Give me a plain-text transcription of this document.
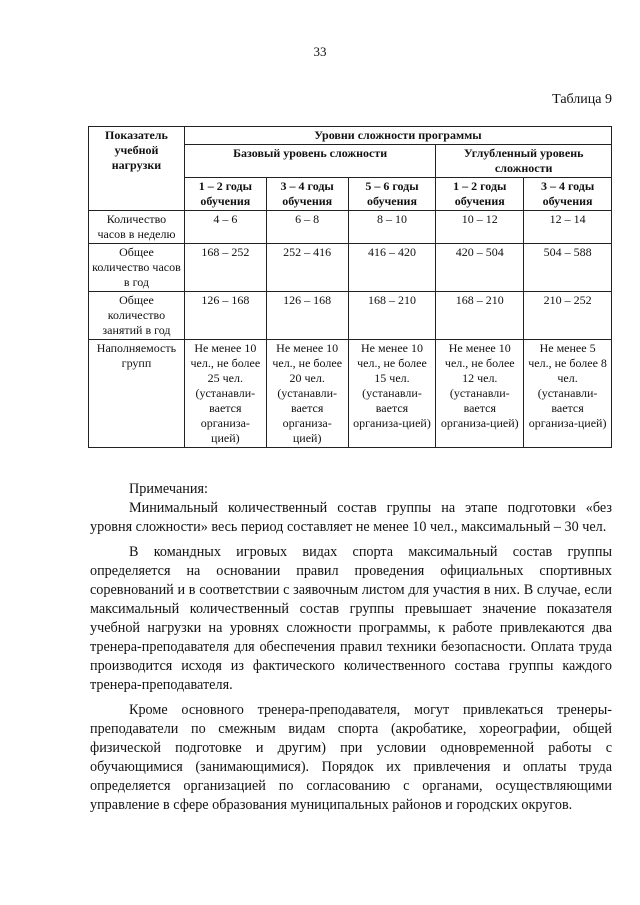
33
Таблица 9
Показатель учебной нагрузки	Уровни сложности программы				
	Базовый уровень сложности			Углубленный уровень сложности	
	1 – 2 годы обучения	3 – 4 годы обучения	5 – 6 годы обучения	1 – 2 годы обучения	3 – 4 годы обучения
Количество часов в неделю	4 – 6	6 – 8	8 – 10	10 – 12	12 – 14
Общее количество часов в год	168 – 252	252 – 416	416 – 420	420 – 504	504 – 588
Общее количество занятий в год	126 – 168	126 – 168	168 – 210	168 – 210	210 – 252
Наполняемость групп	Не менее 10 чел., не более 25 чел. (устанавли-вается организа-цией)	Не менее 10 чел., не более 20 чел. (устанавли-вается организа-цией)	Не менее 10 чел., не более 15 чел. (устанавли-вается организа-цией)	Не менее 10 чел., не более 12 чел. (устанавли-вается организа-цией)	Не менее 5 чел., не более 8 чел. (устанавли-вается организа-цией)

Примечания:

Минимальный количественный состав группы на этапе подготовки «без уровня сложности» весь период составляет не менее 10 чел., максимальный – 30 чел.

В командных игровых видах спорта максимальный состав группы определяется на основании правил проведения официальных спортивных соревнований и в соответствии с заявочным листом для участия в них. В случае, если максимальный количественный состав группы превышает значение показателя учебной нагрузки на уровнях сложности программы, к работе привлекаются два тренера-преподавателя для обеспечения правил техники безопасности. Оплата труда производится исходя из фактического количественного состава группы каждого тренера-преподавателя.

Кроме основного тренера-преподавателя, могут привлекаться тренеры-преподаватели по смежным видам спорта (акробатике, хореографии, общей физической подготовке и другим) при условии одновременной работы с обучающимися (занимающимися). Порядок их привлечения и оплаты труда определяется организацией по согласованию с органами, осуществляющими управление в сфере образования муниципальных районов и городских округов.
